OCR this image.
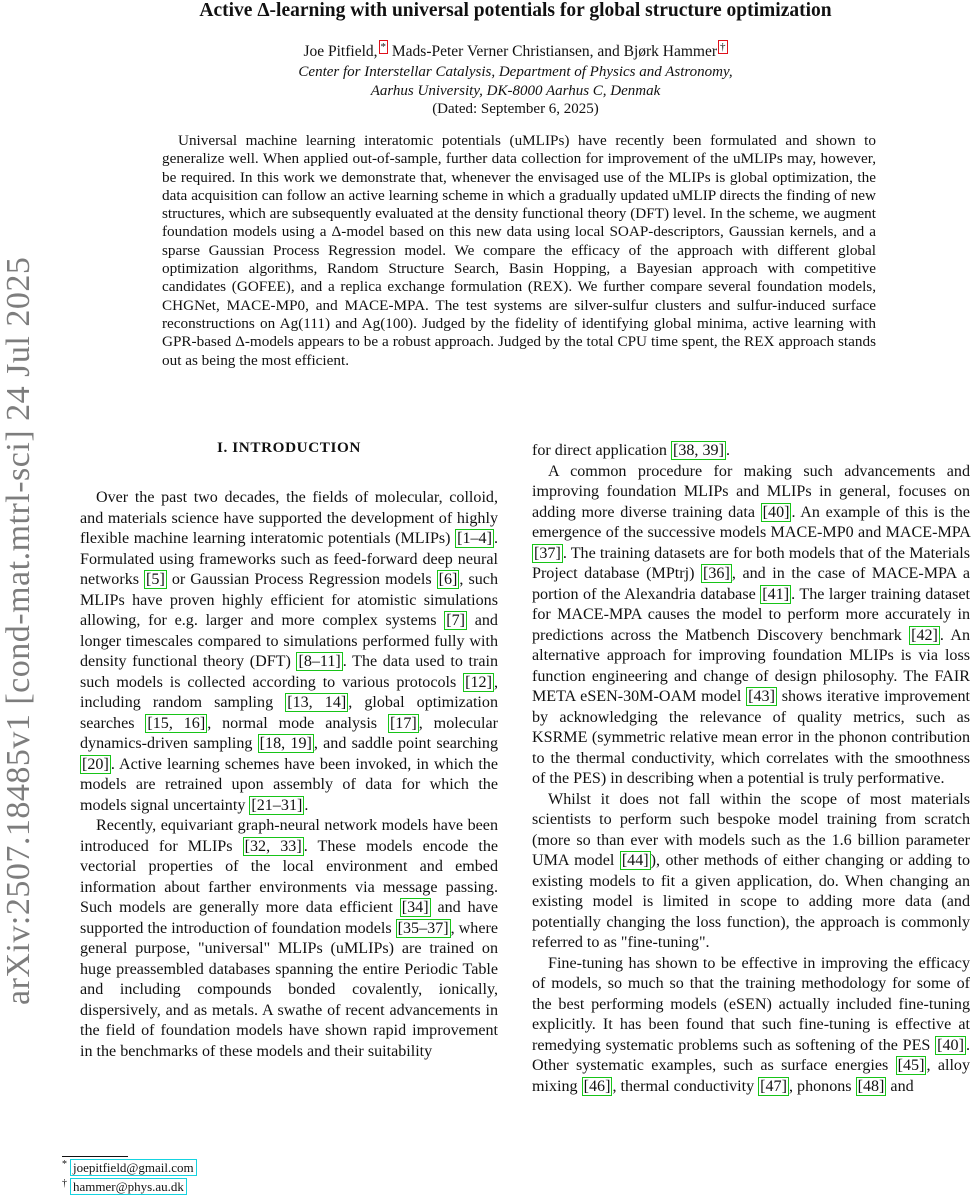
arXiv:2507.18485v1 [cond-mat.mtrl-sci] 24 Jul 2025
Active Δ-learning with universal potentials for global structure optimization
Joe Pitfield, * Mads-Peter Verner Christiansen, and Bjørk Hammer †
Center for Interstellar Catalysis, Department of Physics and Astronomy,
Aarhus University, DK-8000 Aarhus C, Denmak
(Dated: September 6, 2025)

Universal machine learning interatomic potentials (uMLIPs) have recently been formulated and shown to generalize well. When applied out-of-sample, further data collection for improvement of the uMLIPs may, however, be required. In this work we demonstrate that, whenever the envisaged use of the MLIPs is global optimization, the data acquisition can follow an active learning scheme in which a gradually updated uMLIP directs the finding of new structures, which are subsequently evaluated at the density functional theory (DFT) level. In the scheme, we augment foundation models using a Δ-model based on this new data using local SOAP-descriptors, Gaussian kernels, and a sparse Gaussian Process Regression model. We compare the efficacy of the approach with different global optimization algorithms, Random Structure Search, Basin Hopping, a Bayesian approach with competitive candidates (GOFEE), and a replica exchange formulation (REX). We further compare several foundation models, CHGNet, MACE-MP0, and MACE-MPA. The test systems are silver-sulfur clusters and sulfur-induced surface reconstructions on Ag(111) and Ag(100). Judged by the fidelity of identifying global minima, active learning with GPR-based Δ-models appears to be a robust approach. Judged by the total CPU time spent, the REX approach stands out as being the most efficient.

I. INTRODUCTION

Over the past two decades, the fields of molecular, colloid, and materials science have supported the development of highly flexible machine learning interatomic potentials (MLIPs) [1–4] . Formulated using frameworks such as feed-forward deep neural networks [5] or Gaussian Process Regression models [6] , such MLIPs have proven highly efficient for atomistic simulations allowing, for e.g. larger and more complex systems [7] and longer timescales compared to simulations performed fully with density functional theory (DFT) [8–11] . The data used to train such models is collected according to various protocols [12] , including random sampling [13, 14] , global optimization searches [15, 16] , normal mode analysis [17] , molecular dynamics-driven sampling [18, 19] , and saddle point searching [20] . Active learning schemes have been invoked, in which the models are retrained upon assembly of data for which the models signal uncertainty [21–31] .

Recently, equivariant graph-neural network models have been introduced for MLIPs [32, 33] . These models encode the vectorial properties of the local environment and embed information about farther environments via message passing. Such models are generally more data efficient [34] and have supported the introduction of foundation models [35–37] , where general purpose, "universal" MLIPs (uMLIPs) are trained on huge preassembled databases spanning the entire Periodic Table and including compounds bonded covalently, ionically, dispersively, and as metals. A swathe of recent advancements in the field of foundation models have shown rapid improvement in the benchmarks of these models and their suitability

for direct application [38, 39] .

A common procedure for making such advancements and improving foundation MLIPs and MLIPs in general, focuses on adding more diverse training data [40] . An example of this is the emergence of the successive models MACE-MP0 and MACE-MPA [37] . The training datasets are for both models that of the Materials Project database (MPtrj) [36] , and in the case of MACE-MPA a portion of the Alexandria database [41] . The larger training dataset for MACE-MPA causes the model to perform more accurately in predictions across the Matbench Discovery benchmark [42] . An alternative approach for improving foundation MLIPs is via loss function engineering and change of design philosophy. The FAIR META eSEN-30M-OAM model [43] shows iterative improvement by acknowledging the relevance of quality metrics, such as KSRME (symmetric relative mean error in the phonon contribution to the thermal conductivity, which correlates with the smoothness of the PES) in describing when a potential is truly performative.

Whilst it does not fall within the scope of most materials scientists to perform such bespoke model training from scratch (more so than ever with models such as the 1.6 billion parameter UMA model [44] ), other methods of either changing or adding to existing models to fit a given application, do. When changing an existing model is limited in scope to adding more data (and potentially changing the loss function), the approach is commonly referred to as "fine-tuning".

Fine-tuning has shown to be effective in improving the efficacy of models, so much so that the training methodology for some of the best performing models (eSEN) actually included fine-tuning explicitly. It has been found that such fine-tuning is effective at remedying systematic problems such as softening of the PES [40] . Other systematic examples, such as surface energies [45] , alloy mixing [46] , thermal conductivity [47] , phonons [48] and

* joepitfield@gmail.com
† hammer@phys.au.dk
